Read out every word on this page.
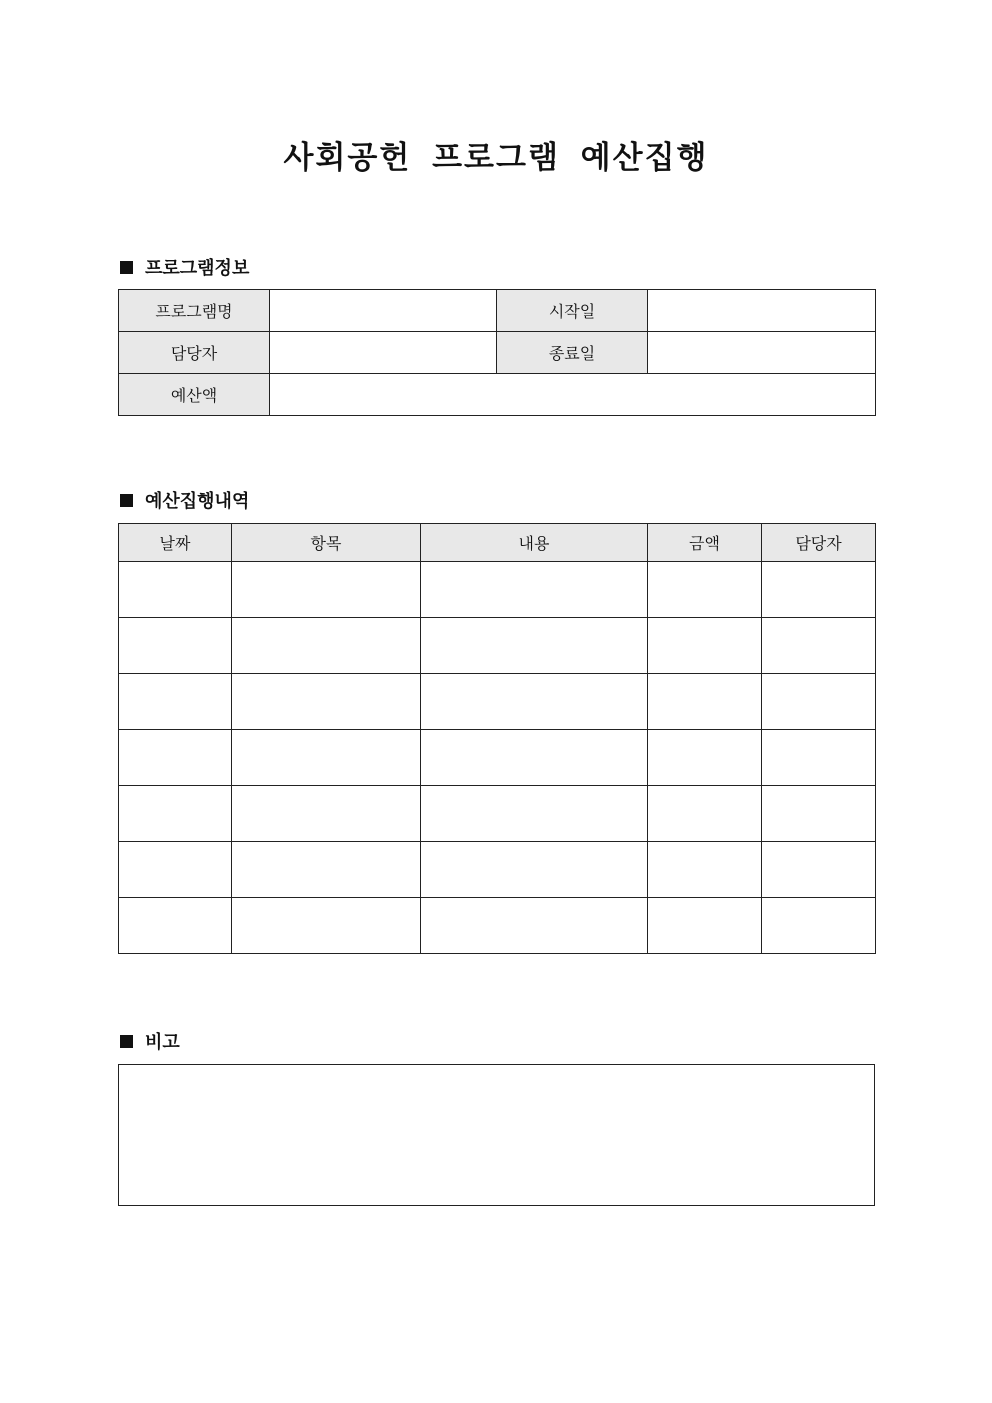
사회공헌 프로그램 예산집행
프로그램정보
프로그램명		시작일	
담당자		종료일	
예산액			
예산집행내역
날짜	항목	내용	금액	담당자

비고
